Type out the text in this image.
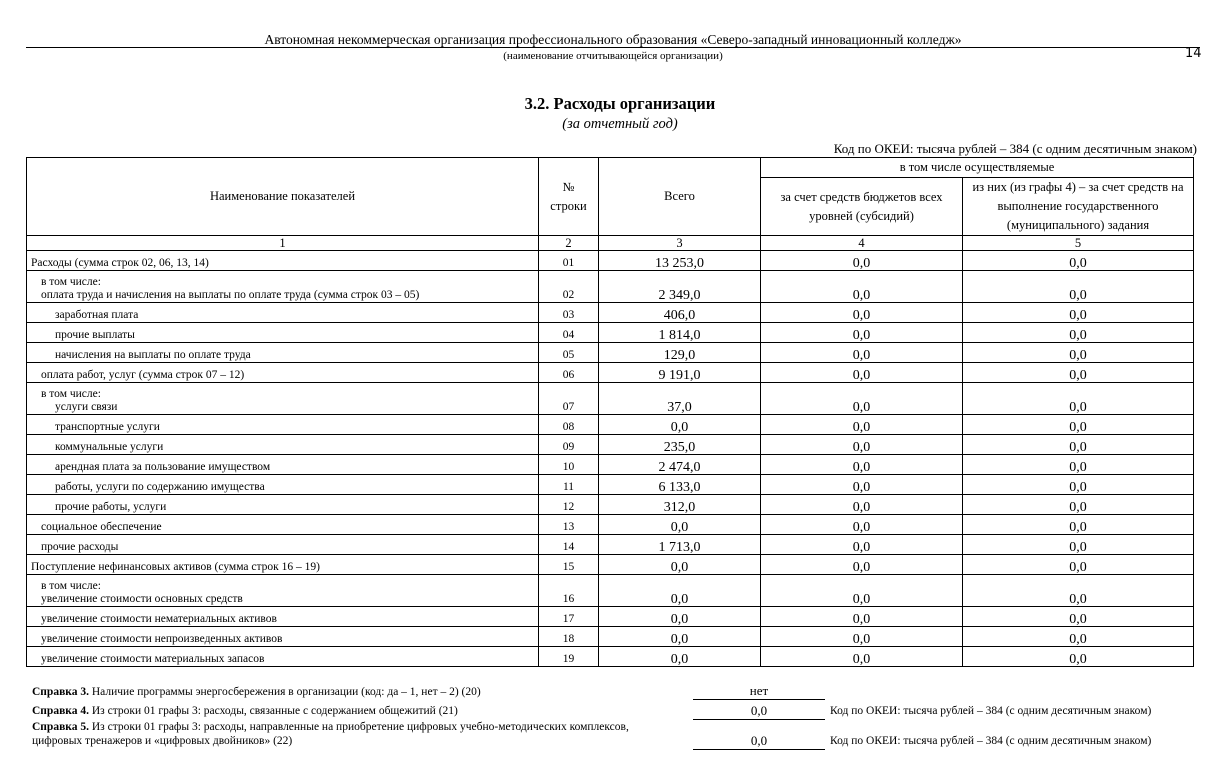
Автономная некоммерческая организация профессионального образования «Северо-западный инновационный колледж»
(наименование отчитывающейся организации)	14
3.2. Расходы организации
(за отчетный год)
Код по ОКЕИ: тысяча рублей – 384 (с одним десятичным знаком)
Наименование показателей	№ строки	Всего	в том числе осуществляемые	
			за счет средств бюджетов всех уровней (субсидий)	из них (из графы 4) – за счет средств на выполнение государственного (муниципального) задания
1	2	3	4	5
Расходы (сумма строк 02, 06, 13, 14)	01	13 253,0	0,0	0,0

в том числе:
оплата труда и начисления на выплаты по оплате труда (сумма строк 03 – 05)	02	2 349,0	0,0	0,0
заработная плата	03	406,0	0,0	0,0
прочие выплаты	04	1 814,0	0,0	0,0
начисления на выплаты по оплате труда	05	129,0	0,0	0,0
оплата работ, услуг (сумма строк 07 – 12)	06	9 191,0	0,0	0,0

в том числе:
услуги связи	07	37,0	0,0	0,0
транспортные услуги	08	0,0	0,0	0,0
коммунальные услуги	09	235,0	0,0	0,0
арендная плата за пользование имуществом	10	2 474,0	0,0	0,0
работы, услуги по содержанию имущества	11	6 133,0	0,0	0,0
прочие работы, услуги	12	312,0	0,0	0,0
социальное обеспечение	13	0,0	0,0	0,0
прочие расходы	14	1 713,0	0,0	0,0
Поступление нефинансовых активов (сумма строк 16 – 19)	15	0,0	0,0	0,0

в том числе:
увеличение стоимости основных средств	16	0,0	0,0	0,0
увеличение стоимости нематериальных активов	17	0,0	0,0	0,0
увеличение стоимости непроизведенных активов	18	0,0	0,0	0,0
увеличение стоимости материальных запасов	19	0,0	0,0	0,0
Справка 3. Наличие программы энергосбережения в организации (код: да – 1, нет – 2) (20)	нет
Справка 4. Из строки 01 графы 3: расходы, связанные с содержанием общежитий (21)	0,0	Код по ОКЕИ: тысяча рублей – 384 (с одним десятичным знаком)
Справка 5. Из строки 01 графы 3: расходы, направленные на приобретение цифровых учебно-методических комплексов,
цифровых тренажеров и «цифровых двойников» (22)	0,0	Код по ОКЕИ: тысяча рублей – 384 (с одним десятичным знаком)
